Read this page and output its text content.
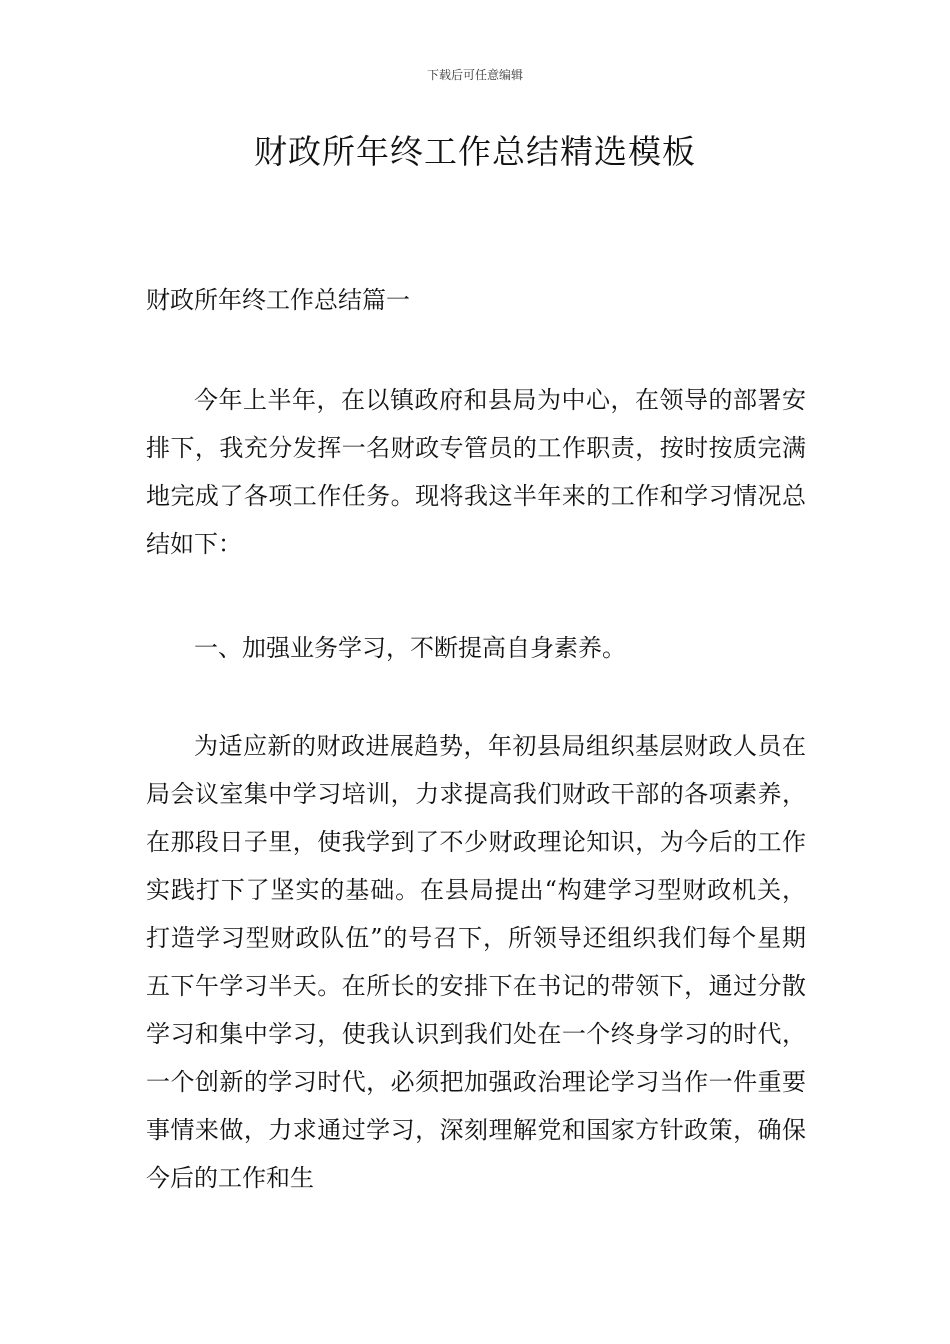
下载后可任意编辑
财政所年终工作总结精选模板

财政所年终工作总结篇一

今年上半年，在以镇政府和县局为中心，在领导的部署安排下，我充分发挥一名财政专管员的工作职责，按时按质完满地完成了各项工作任务。现将我这半年来的工作和学习情况总结如下：

一、加强业务学习，不断提高自身素养。

为适应新的财政进展趋势，年初县局组织基层财政人员在局会议室集中学习培训，力求提高我们财政干部的各项素养，在那段日子里，使我学到了不少财政理论知识，为今后的工作实践打下了坚实的基础。在县局提出“构建学习型财政机关，打造学习型财政队伍”的号召下，所领导还组织我们每个星期五下午学习半天。在所长的安排下在书记的带领下，通过分散学习和集中学习，使我认识到我们处在一个终身学习的时代，一个创新的学习时代，必须把加强政治理论学习当作一件重要事情来做，力求通过学习，深刻理解党和国家方针政策，确保今后的工作和生
